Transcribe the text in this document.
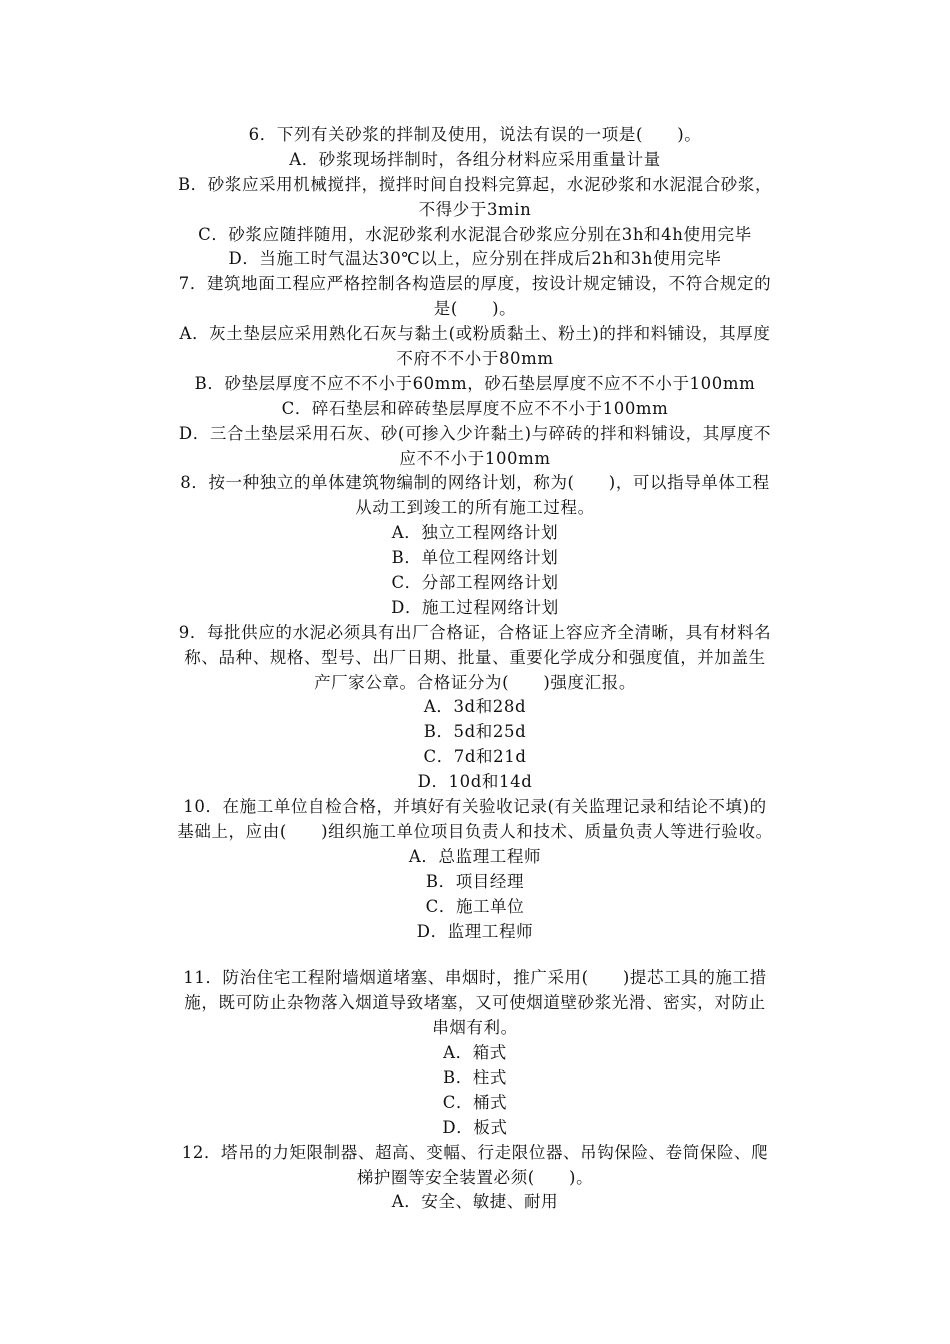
6．下列有关砂浆的拌制及使用，说法有误的一项是(　　)。
A．砂浆现场拌制时，各组分材料应采用重量计量
B．砂浆应采用机械搅拌，搅拌时间自投料完算起，水泥砂浆和水泥混合砂浆，
不得少于3min
C．砂浆应随拌随用，水泥砂浆利水泥混合砂浆应分别在3h和4h使用完毕
D．当施工时气温达30℃以上，应分别在拌成后2h和3h使用完毕
7．建筑地面工程应严格控制各构造层的厚度，按设计规定铺设，不符合规定的
是(　　)。
A．灰土垫层应采用熟化石灰与黏土(或粉质黏土、粉土)的拌和料铺设，其厚度
不府不不小于80mm
B．砂垫层厚度不应不不小于60mm，砂石垫层厚度不应不不小于100mm
C．碎石垫层和碎砖垫层厚度不应不不小于100mm
D．三合土垫层采用石灰、砂(可掺入少许黏土)与碎砖的拌和料铺设，其厚度不
应不不小于100mm
8．按一种独立的单体建筑物编制的网络计划，称为(　　)，可以指导单体工程
从动工到竣工的所有施工过程。
A．独立工程网络计划
B．单位工程网络计划
C．分部工程网络计划
D．施工过程网络计划
9．每批供应的水泥必须具有出厂合格证，合格证上容应齐全清晰，具有材料名
称、品种、规格、型号、出厂日期、批量、重要化学成分和强度值，并加盖生
产厂家公章。合格证分为(　　)强度汇报。
A．3d和28d
B．5d和25d
C．7d和21d
D．10d和14d
10．在施工单位自检合格，并填好有关验收记录(有关监理记录和结论不填)的
基础上，应由(　　)组织施工单位项目负责人和技术、质量负责人等进行验收。
A．总监理工程师
B．项目经理
C．施工单位
D．监理工程师
11．防治住宅工程附墙烟道堵塞、串烟时，推广采用(　　)提芯工具的施工措
施，既可防止杂物落入烟道导致堵塞，又可使烟道壁砂浆光滑、密实，对防止
串烟有利。
A．箱式
B．柱式
C．桶式
D．板式
12．塔吊的力矩限制器、超高、变幅、行走限位器、吊钩保险、卷筒保险、爬
梯护圈等安全装置必须(　　)。
A．安全、敏捷、耐用
